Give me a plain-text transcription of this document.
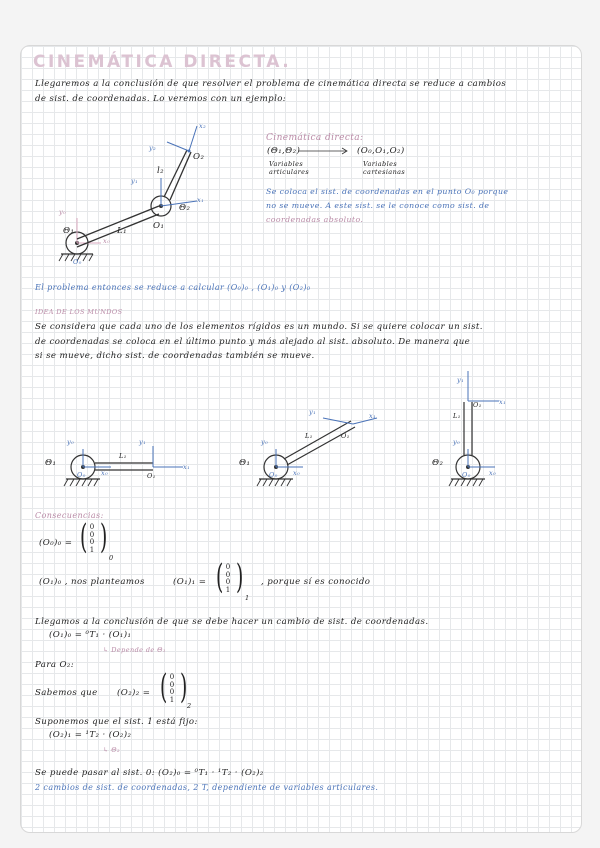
CINEMÁTICA DIRECTA.
Llegaremos a la conclusión de que resolver el problema de cinemática directa se reduce a cambios
de sist. de coordenadas. Lo veremos con un ejemplo:
Θ₁
y₀
x₀
O₀
L₁	O₁
Θ₂
x₁
y₁
l₂
O₂
y₂
x₂
Cinemática directa:
(Θ₁,Θ₂)	(O₀,O₁,O₂)
Variables
articulares
Variables
cartesianas
Se coloca el sist. de coordenadas en el punto O₀ porque
no se mueve. A este sist. se le conoce como sist. de
coordenadas absoluto.
El problema entonces se reduce a calcular (O₀)₀ , (O₁)₀ y (O₂)₀
IDEA DE LOS MUNDOS
Se considera que cada uno de los elementos rígidos es un mundo. Si se quiere colocar un sist.
de coordenadas se coloca en el último punto y más alejado al sist. absoluto. De manera que
si se mueve, dicho sist. de coordenadas también se mueve.
Θ₁
y₀
O₀ x₀
L₁
y₁
x₁
O₁
Θ₁
y₀
O₀ x₀
L₁
y₁	x₁
O₁
Θ₂
y₀
O₀	x₀
L₁
y₁
x₁
O₁
Consecuencias:
(O₀)₀ = ( 0
0
0
1 )
0
(O₁)₀ , nos planteamos	(O₁)₁ = ( 0
0
0
1 )
1
, porque sí es conocido
Llegamos a la conclusión de que se debe hacer un cambio de sist. de coordenadas.
(O₁)₀ = ⁰T₁ · (O₁)₁
↳ Depende de Θ₁
Para O₂:
Sabemos que (O₂)₂ = ( 0
0
0
1 ) 2
Suponemos que el sist. 1 está fijo:
(O₂)₁ = ¹T₂ · (O₂)₂
↳ Θ₂
Se puede pasar al sist. 0: (O₂)₀ = ⁰T₁ · ¹T₂ · (O₂)₂
2 cambios de sist. de coordenadas, 2 T, dependiente de variables articulares.
